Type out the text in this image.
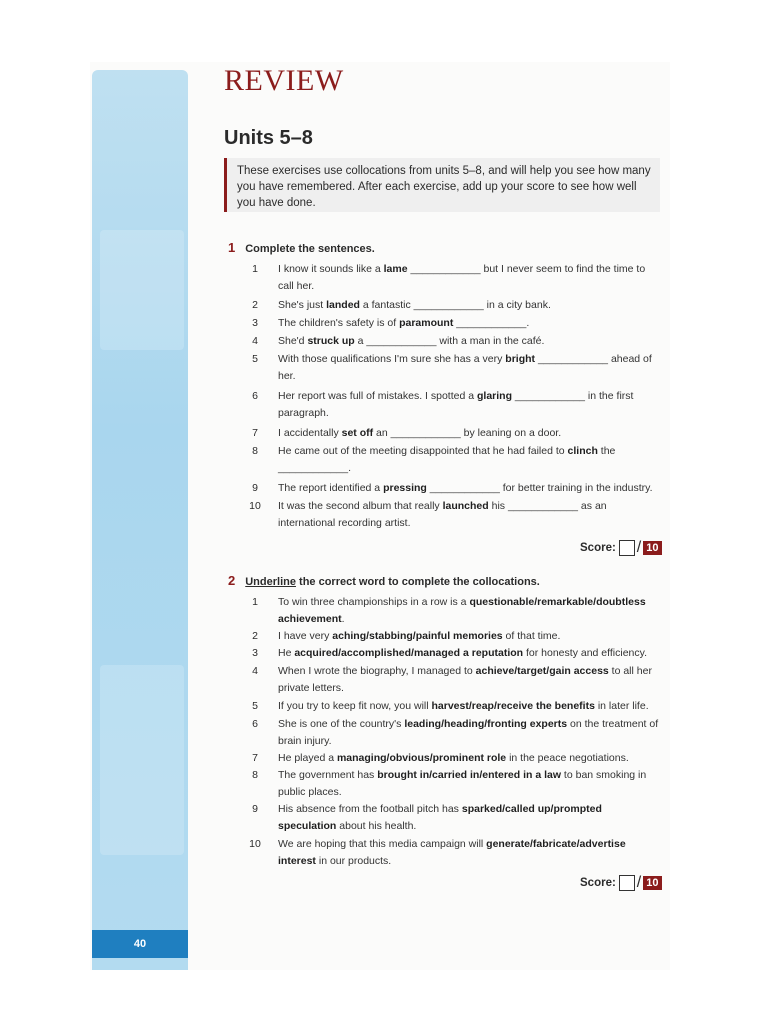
40
REVIEW
Units 5–8
These exercises use collocations from units 5–8, and will help you see how many you have remembered. After each exercise, add up your score to see how well you have done.
1 Complete the sentences.
1	I know it sounds like a lame ____________ but I never seem to find the time to call her.
2	She's just landed a fantastic ____________ in a city bank.
3	The children's safety is of paramount ____________.
4	She'd struck up a ____________ with a man in the café.
5	With those qualifications I'm sure she has a very bright ____________ ahead of her.
6	Her report was full of mistakes. I spotted a glaring ____________ in the first paragraph.
7	I accidentally set off an ____________ by leaning on a door.
8	He came out of the meeting disappointed that he had failed to clinch the ____________.
9	The report identified a pressing ____________ for better training in the industry.
10	It was the second album that really launched his ____________ as an international recording artist.
Score: / 10
2 Underline the correct word to complete the collocations.
1	To win three championships in a row is a questionable/remarkable/doubtless achievement.
2	I have very aching/stabbing/painful memories of that time.
3	He acquired/accomplished/managed a reputation for honesty and efficiency.
4	When I wrote the biography, I managed to achieve/target/gain access to all her private letters.
5	If you try to keep fit now, you will harvest/reap/receive the benefits in later life.
6	She is one of the country's leading/heading/fronting experts on the treatment of brain injury.
7	He played a managing/obvious/prominent role in the peace negotiations.
8	The government has brought in/carried in/entered in a law to ban smoking in public places.
9	His absence from the football pitch has sparked/called up/prompted speculation about his health.
10	We are hoping that this media campaign will generate/fabricate/advertise interest in our products.
Score: / 10
